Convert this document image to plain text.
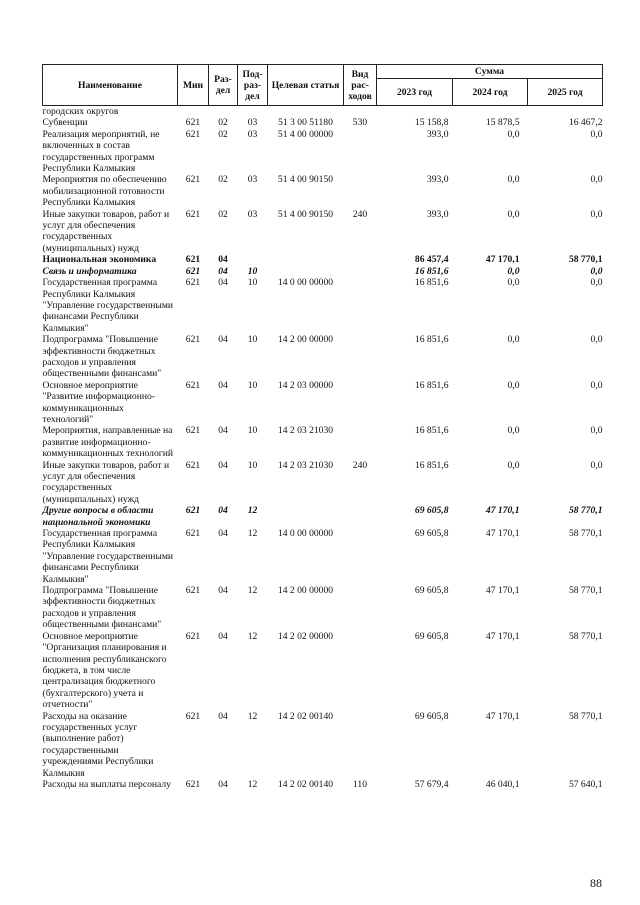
Наименование	Мин	Раз-дел	Под-раз-дел	Целевая статья	Вид рас-ходов	Сумма		
						2023 год	2024 год	2025 год
городских округов								
Субвенции	621	02	03	51 3 00 51180	530	15 158,8	15 878,5	16 467,2
Реализация мероприятий, не включенных в состав государственных программ Республики Калмыкия	621	02	03	51 4 00 00000		393,0	0,0	0,0
Мероприятия по обеспечению мобилизационной готовности Республики Калмыкия	621	02	03	51 4 00 90150		393,0	0,0	0,0
Иные закупки товаров, работ и услуг для обеспечения государственных (муниципальных) нужд	621	02	03	51 4 00 90150	240	393,0	0,0	0,0
Национальная экономика	621	04				86 457,4	47 170,1	58 770,1
Связь и информатика	621	04	10			16 851,6	0,0	0,0
Государственная программа Республики Калмыкия "Управление государственными финансами Республики Калмыкия"	621	04	10	14 0 00 00000		16 851,6	0,0	0,0
Подпрограмма "Повышение эффективности бюджетных расходов и управления общественными финансами"	621	04	10	14 2 00 00000		16 851,6	0,0	0,0
Основное мероприятие "Развитие информационно-коммуникационных технологий"	621	04	10	14 2 03 00000		16 851,6	0,0	0,0
Мероприятия, направленные на развитие информационно-коммуникационных технологий	621	04	10	14 2 03 21030		16 851,6	0,0	0,0
Иные закупки товаров, работ и услуг для обеспечения государственных (муниципальных) нужд	621	04	10	14 2 03 21030	240	16 851,6	0,0	0,0
Другие вопросы в области национальной экономики	621	04	12			69 605,8	47 170,1	58 770,1
Государственная программа Республики Калмыкия "Управление государственными финансами Республики Калмыкия"	621	04	12	14 0 00 00000		69 605,8	47 170,1	58 770,1
Подпрограмма "Повышение эффективности бюджетных расходов и управления общественными финансами"	621	04	12	14 2 00 00000		69 605,8	47 170,1	58 770,1
Основное мероприятие "Организация планирования и исполнения республиканского бюджета, в том числе централизация бюджетного (бухгалтерского) учета и отчетности"	621	04	12	14 2 02 00000		69 605,8	47 170,1	58 770,1
Расходы на оказание государственных услуг (выполнение работ) государственными учреждениями Республики Калмыкия	621	04	12	14 2 02 00140		69 605,8	47 170,1	58 770,1
Расходы на выплаты персоналу	621	04	12	14 2 02 00140	110	57 679,4	46 040,1	57 640,1
88
